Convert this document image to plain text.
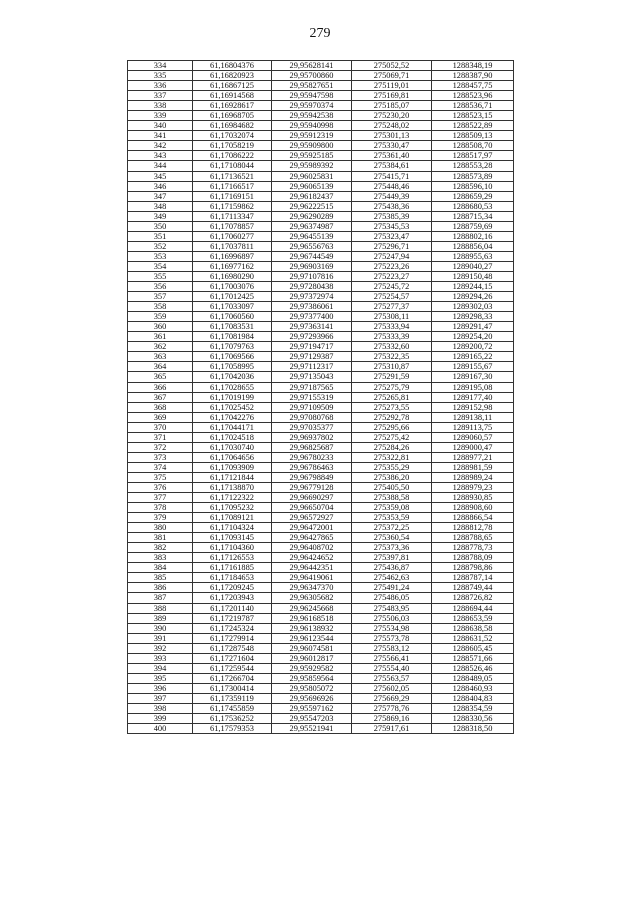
279
334	61,16804376	29,95628141	275052,52	1288348,19
335	61,16820923	29,95700860	275069,71	1288387,90
336	61,16867125	29,95827651	275119,01	1288457,75
337	61,16914568	29,95947598	275169,81	1288523,96
338	61,16928617	29,95970374	275185,07	1288536,71
339	61,16968705	29,95942538	275230,20	1288523,15
340	61,16984682	29,95940998	275248,02	1288522,89
341	61,17032074	29,95912319	275301,13	1288509,13
342	61,17058219	29,95909800	275330,47	1288508,70
343	61,17086222	29,95925185	275361,40	1288517,97
344	61,17108044	29,95989392	275384,61	1288553,28
345	61,17136521	29,96025831	275415,71	1288573,89
346	61,17166517	29,96065139	275448,46	1288596,10
347	61,17169151	29,96182437	275449,39	1288659,29
348	61,17159862	29,96222515	275438,36	1288680,53
349	61,17113347	29,96290289	275385,39	1288715,34
350	61,17078857	29,96374987	275345,53	1288759,69
351	61,17060277	29,96455139	275323,47	1288802,16
352	61,17037811	29,96556763	275296,71	1288856,04
353	61,16996897	29,96744549	275247,94	1288955,63
354	61,16977162	29,96903169	275223,26	1289040,27
355	61,16980290	29,97107816	275223,27	1289150,48
356	61,17003076	29,97280438	275245,72	1289244,15
357	61,17012425	29,97372974	275254,57	1289294,26
358	61,17033097	29,97386061	275277,37	1289302,03
359	61,17060560	29,97377400	275308,11	1289298,33
360	61,17083531	29,97363141	275333,94	1289291,47
361	61,17081984	29,97293966	275333,39	1289254,20
362	61,17079763	29,97194717	275332,60	1289200,72
363	61,17069566	29,97129387	275322,35	1289165,22
364	61,17058995	29,97112317	275310,87	1289155,67
365	61,17042036	29,97135043	275291,59	1289167,30
366	61,17028655	29,97187565	275275,79	1289195,08
367	61,17019199	29,97155319	275265,81	1289177,40
368	61,17025452	29,97109509	275273,55	1289152,98
369	61,17042276	29,97080768	275292,78	1289138,11
370	61,17044171	29,97035377	275295,66	1289113,75
371	61,17024518	29,96937802	275275,42	1289060,57
372	61,17030740	29,96825687	275284,26	1289000,47
373	61,17064656	29,96780233	275322,81	1288977,21
374	61,17093909	29,96786463	275355,29	1288981,59
375	61,17121844	29,96798849	275386,20	1288989,24
376	61,17138870	29,96779128	275405,50	1288979,23
377	61,17122322	29,96690297	275388,58	1288930,85
378	61,17095232	29,96650704	275359,08	1288908,60
379	61,17089121	29,96572927	275353,59	1288866,54
380	61,17104324	29,96472001	275372,25	1288812,78
381	61,17093145	29,96427865	275360,54	1288788,65
382	61,17104360	29,96408702	275373,36	1288778,73
383	61,17126553	29,96424652	275397,81	1288788,09
384	61,17161885	29,96442351	275436,87	1288798,86
385	61,17184653	29,96419061	275462,63	1288787,14
386	61,17209245	29,96347370	275491,24	1288749,44
387	61,17203943	29,96305682	275486,05	1288726,82
388	61,17201140	29,96245668	275483,95	1288694,44
389	61,17219787	29,96168518	275506,03	1288653,59
390	61,17245324	29,96138932	275534,98	1288638,58
391	61,17279914	29,96123544	275573,78	1288631,52
392	61,17287548	29,96074581	275583,12	1288605,45
393	61,17271604	29,96012817	275566,41	1288571,66
394	61,17259544	29,95929582	275554,40	1288526,46
395	61,17266704	29,95859564	275563,57	1288489,05
396	61,17300414	29,95805072	275602,05	1288460,93
397	61,17359119	29,95696926	275669,29	1288404,83
398	61,17455859	29,95597162	275778,76	1288354,59
399	61,17536252	29,95547203	275869,16	1288330,56
400	61,17579353	29,95521941	275917,61	1288318,50
